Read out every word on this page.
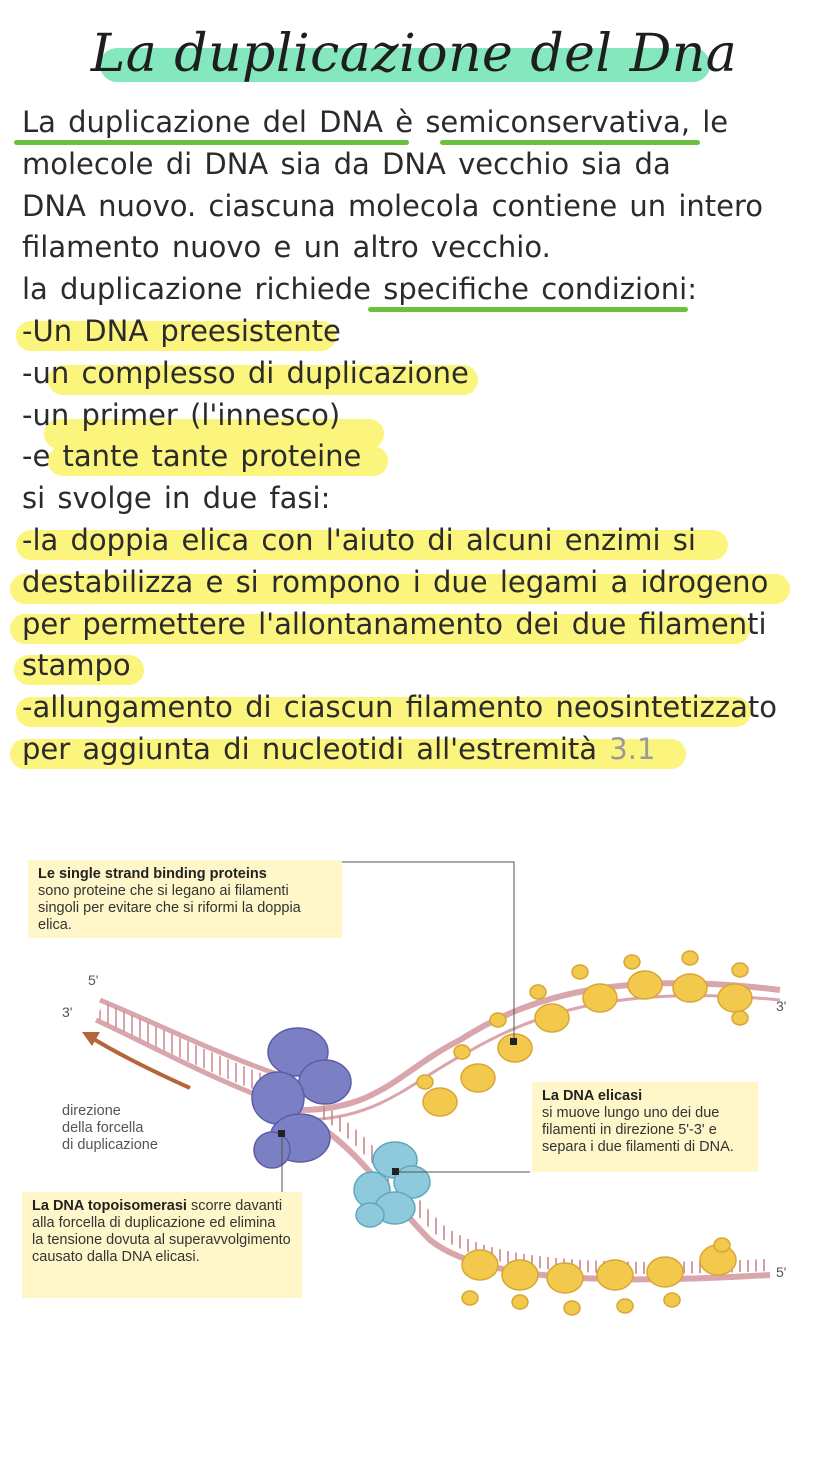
La duplicazione del Dna
La duplicazione del DNA è semiconservativa, le
molecole di DNA sia da DNA vecchio sia da
DNA nuovo. ciascuna molecola contiene un intero
filamento nuovo e un altro vecchio.
la duplicazione richiede specifiche condizioni:
-Un DNA preesistente
-un complesso di duplicazione
-un primer (l'innesco)
-e tante tante proteine
si svolge in due fasi:
-la doppia elica con l'aiuto di alcuni enzimi si
destabilizza e si rompono i due legami a idrogeno
per permettere l'allontanamento dei due filamenti
stampo
-allungamento di ciascun filamento neosintetizzato
per aggiunta di nucleotidi all'estremità 3.1
Le single strand binding proteins
sono proteine che si legano ai filamenti
singoli per evitare che si riformi la doppia elica.
5'
3'	3'
5'
direzione
della forcella
di duplicazione
La DNA elicasi
si muove lungo uno dei due
filamenti in direzione 5'-3' e
separa i due filamenti di DNA.
La DNA topoisomerasi scorre davanti
alla forcella di duplicazione ed elimina
la tensione dovuta al superavvolgimento
causato dalla DNA elicasi.
